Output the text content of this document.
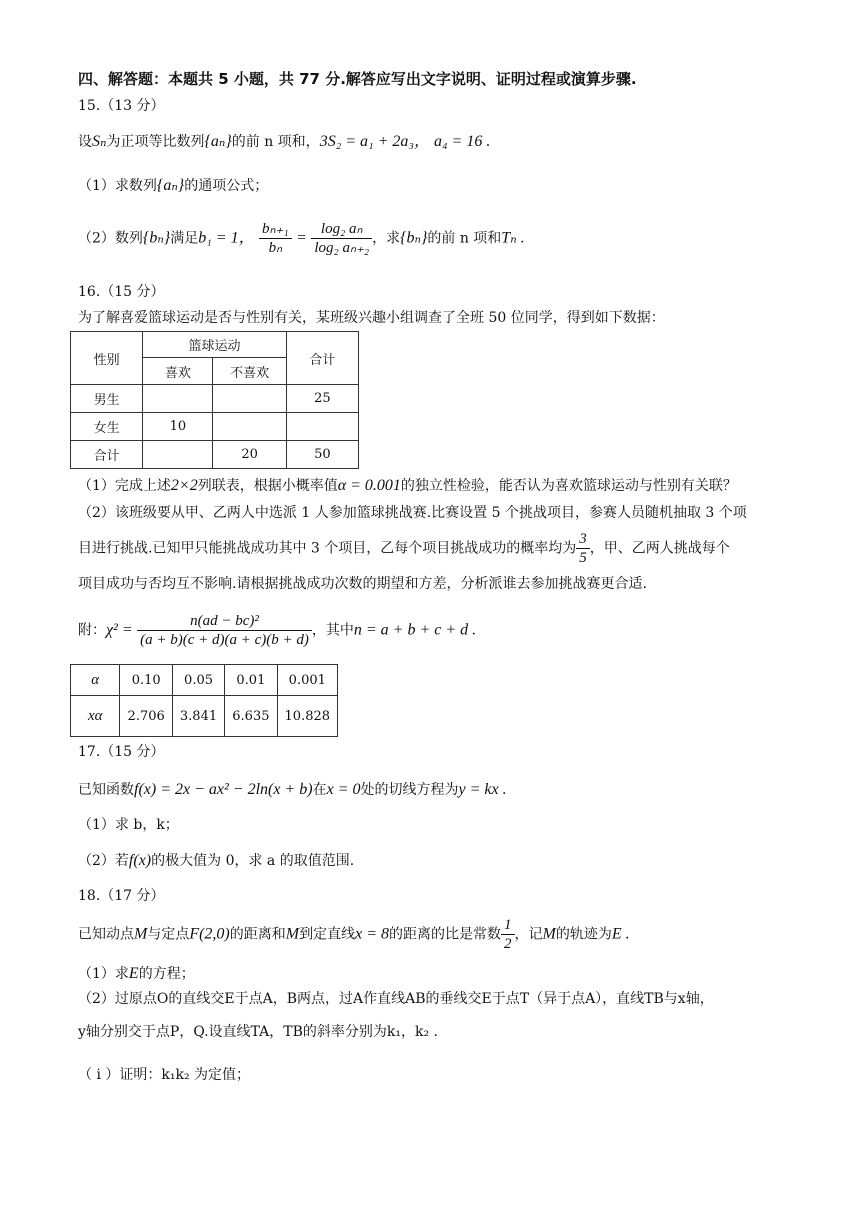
四、解答题：本题共 5 小题，共 77 分.解答应写出文字说明、证明过程或演算步骤.
15.（13 分）
设Sₙ为正项等比数列{aₙ}的前 n 项和，3S₂ = a₁ + 2a₃， a₄ = 16 .
（1）求数列{aₙ}的通项公式；
（2）数列{bₙ}满足b₁ = 1， $\frac{\text{bₙ₊₁}}{\text{bₙ}} = \frac{\text{log₂ aₙ}}{\text{log₂ aₙ₊₂}}$ ，求{bₙ}的前 n 项和Tₙ .
16.（15 分）
为了解喜爱篮球运动是否与性别有关，某班级兴趣小组调查了全班 50 位同学，得到如下数据：
性别	篮球运动		合计
	喜欢	不喜欢	
男生			25
女生	10		
合计		20	50
（1）完成上述2×2列联表，根据小概率值α = 0.001的独立性检验，能否认为喜欢篮球运动与性别有关联？
（2）该班级要从甲、乙两人中选派 1 人参加篮球挑战赛.比赛设置 5 个挑战项目，参赛人员随机抽取 3 个项
目进行挑战.已知甲只能挑战成功其中 3 个项目，乙每个项目挑战成功的概率均为 $\frac{3}{5}$ ，甲、乙两人挑战每个
项目成功与否均互不影响.请根据挑战成功次数的期望和方差，分析派谁去参加挑战赛更合适.
附：$\chi^2 = \frac{\text{n(ad − bc)²}}{(a + b)(c + d)(a + c)(b + d)}$ ，其中n = a + b + c + d .
α	0.10	0.05	0.01	0.001
xα	2.706	3.841	6.635	10.828
17.（15 分）
已知函数f(x) = 2x − ax² − 2ln(x + b)在x = 0处的切线方程为y = kx .
（1）求 b，k；
（2）若f(x)的极大值为 0，求 a 的取值范围.
18.（17 分）
已知动点M与定点F(2,0)的距离和M到定直线x = 8的距离的比是常数 $\frac{1}{2}$ ，记M的轨迹为E .
（1）求E的方程；
（2）过原点O的直线交E于点A，B两点，过A作直线AB的垂线交E于点T（异于点A），直线TB与x轴，
y轴分别交于点P，Q.设直线TA，TB的斜率分别为k₁，k₂ .
（ i ）证明：k₁k₂ 为定值；
